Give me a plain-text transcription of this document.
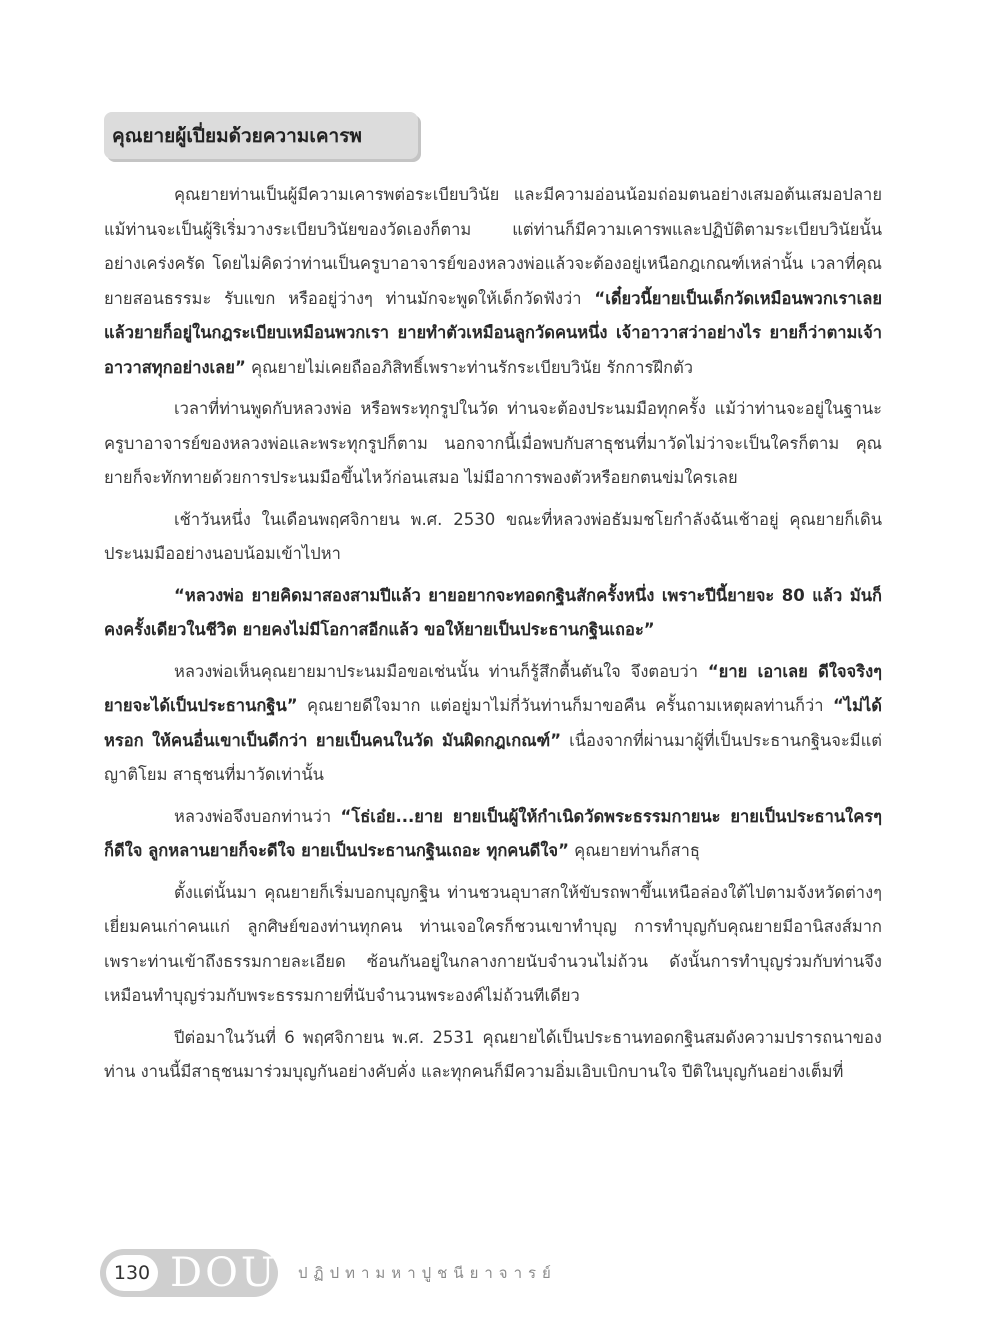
คุณยายผู้เปี่ยมด้วยความเคารพ

คุณยายท่านเป็นผู้มีความเคารพต่อระเบียบวินัย และมีความอ่อนน้อมถ่อมตนอย่างเสมอต้นเสมอปลาย แม้ท่านจะเป็นผู้ริเริ่มวางระเบียบวินัยของวัดเองก็ตาม แต่ท่านก็มีความเคารพและปฏิบัติตามระเบียบวินัยนั้นอย่างเคร่งครัด โดยไม่คิดว่าท่านเป็นครูบาอาจารย์ของหลวงพ่อแล้วจะต้องอยู่เหนือกฎเกณฑ์เหล่านั้น เวลาที่คุณยายสอนธรรมะ รับแขก หรืออยู่ว่างๆ ท่านมักจะพูดให้เด็กวัดฟังว่า “เดี๋ยวนี้ยายเป็นเด็กวัดเหมือนพวกเราเลย แล้วยายก็อยู่ในกฎระเบียบเหมือนพวกเรา ยายทำตัวเหมือนลูกวัดคนหนึ่ง เจ้าอาวาสว่าอย่างไร ยายก็ว่าตามเจ้าอาวาสทุกอย่างเลย” คุณยายไม่เคยถืออภิสิทธิ์เพราะท่านรักระเบียบวินัย รักการฝึกตัว

เวลาที่ท่านพูดกับหลวงพ่อ หรือพระทุกรูปในวัด ท่านจะต้องประนมมือทุกครั้ง แม้ว่าท่านจะอยู่ในฐานะครูบาอาจารย์ของหลวงพ่อและพระทุกรูปก็ตาม นอกจากนี้เมื่อพบกับสาธุชนที่มาวัดไม่ว่าจะเป็นใครก็ตาม คุณยายก็จะทักทายด้วยการประนมมือขึ้นไหว้ก่อนเสมอ ไม่มีอาการพองตัวหรือยกตนข่มใครเลย

เช้าวันหนึ่ง ในเดือนพฤศจิกายน พ.ศ. 2530 ขณะที่หลวงพ่อธัมมชโยกำลังฉันเช้าอยู่ คุณยายก็เดินประนมมืออย่างนอบน้อมเข้าไปหา

“หลวงพ่อ ยายคิดมาสองสามปีแล้ว ยายอยากจะทอดกฐินสักครั้งหนึ่ง เพราะปีนี้ยายจะ 80 แล้ว มันก็คงครั้งเดียวในชีวิต ยายคงไม่มีโอกาสอีกแล้ว ขอให้ยายเป็นประธานกฐินเถอะ”

หลวงพ่อเห็นคุณยายมาประนมมือขอเช่นนั้น ท่านก็รู้สึกตื้นตันใจ จึงตอบว่า “ยาย เอาเลย ดีใจจริงๆ ยายจะได้เป็นประธานกฐิน” คุณยายดีใจมาก แต่อยู่มาไม่กี่วันท่านก็มาขอคืน ครั้นถามเหตุผลท่านก็ว่า “ไม่ได้หรอก ให้คนอื่นเขาเป็นดีกว่า ยายเป็นคนในวัด มันผิดกฎเกณฑ์” เนื่องจากที่ผ่านมาผู้ที่เป็นประธานกฐินจะมีแต่ญาติโยม สาธุชนที่มาวัดเท่านั้น

หลวงพ่อจึงบอกท่านว่า “โธ่เอ๋ย...ยาย ยายเป็นผู้ให้กำเนิดวัดพระธรรมกายนะ ยายเป็นประธานใครๆ ก็ดีใจ ลูกหลานยายก็จะดีใจ ยายเป็นประธานกฐินเถอะ ทุกคนดีใจ” คุณยายท่านก็สาธุ

ตั้งแต่นั้นมา คุณยายก็เริ่มบอกบุญกฐิน ท่านชวนอุบาสกให้ขับรถพาขึ้นเหนือล่องใต้ไปตามจังหวัดต่างๆ เยี่ยมคนเก่าคนแก่ ลูกศิษย์ของท่านทุกคน ท่านเจอใครก็ชวนเขาทำบุญ การทำบุญกับคุณยายมีอานิสงส์มาก เพราะท่านเข้าถึงธรรมกายละเอียด ซ้อนกันอยู่ในกลางกายนับจำนวนไม่ถ้วน ดังนั้นการทำบุญร่วมกับท่านจึงเหมือนทำบุญร่วมกับพระธรรมกายที่นับจำนวนพระองค์ไม่ถ้วนทีเดียว

ปีต่อมาในวันที่ 6 พฤศจิกายน พ.ศ. 2531 คุณยายได้เป็นประธานทอดกฐินสมดังความปรารถนาของท่าน งานนี้มีสาธุชนมาร่วมบุญกันอย่างคับคั่ง และทุกคนก็มีความอิ่มเอิบเบิกบานใจ ปีติในบุญกันอย่างเต็มที่

130 DOU ปฏิปทามหาปูชนียาจารย์
